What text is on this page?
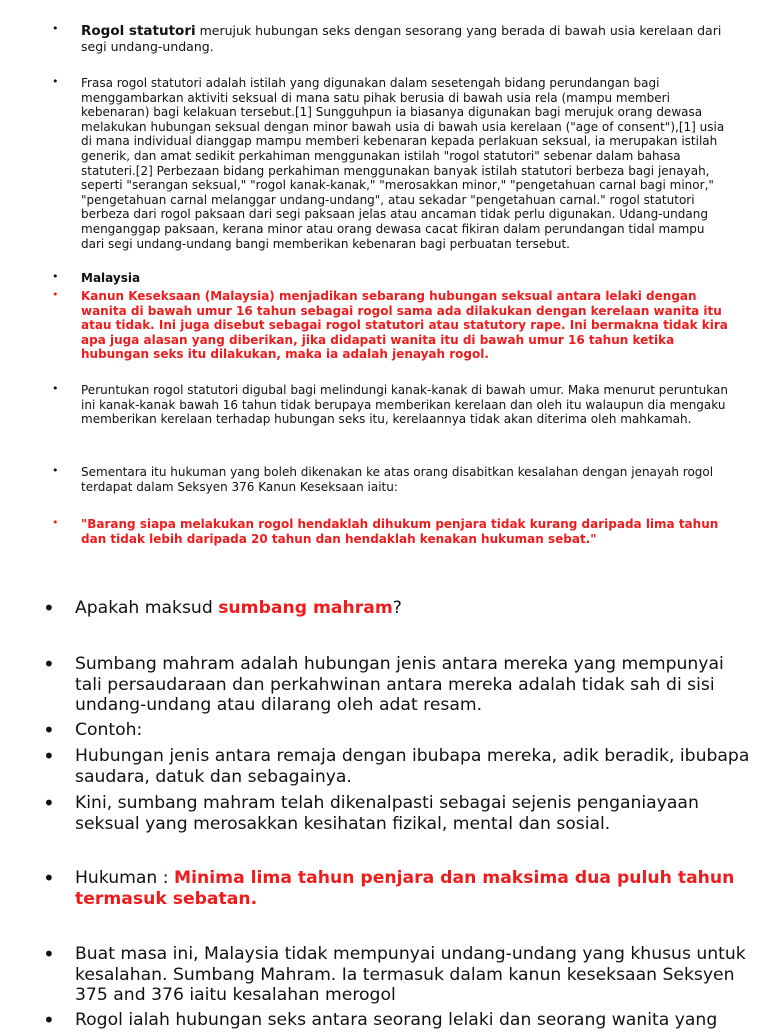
• Rogol statutori merujuk hubungan seks dengan sesorang yang berada di bawah usia kerelaan dari segi undang-undang.
• Frasa rogol statutori adalah istilah yang digunakan dalam sesetengah bidang perundangan bagi menggambarkan aktiviti seksual di mana satu pihak berusia di bawah usia rela (mampu memberi kebenaran) bagi kelakuan tersebut.[1] Sungguhpun ia biasanya digunakan bagi merujuk orang dewasa melakukan hubungan seksual dengan minor bawah usia di bawah usia kerelaan ("age of consent"),[1] usia di mana individual dianggap mampu memberi kebenaran kepada perlakuan seksual, ia merupakan istilah generik, dan amat sedikit perkahiman menggunakan istilah "rogol statutori" sebenar dalam bahasa statuteri.[2] Perbezaan bidang perkahiman menggunakan banyak istilah statutori berbeza bagi jenayah, seperti "serangan seksual," "rogol kanak-kanak," "merosakkan minor," "pengetahuan carnal bagi minor," "pengetahuan carnal melanggar undang-undang", atau sekadar "pengetahuan carnal." rogol statutori berbeza dari rogol paksaan dari segi paksaan jelas atau ancaman tidak perlu digunakan. Udang-undang menganggap paksaan, kerana minor atau orang dewasa cacat fikiran dalam perundangan tidal mampu dari segi undang-undang bangi memberikan kebenaran bagi perbuatan tersebut.
• Malaysia
• Kanun Keseksaan (Malaysia) menjadikan sebarang hubungan seksual antara lelaki dengan wanita di bawah umur 16 tahun sebagai rogol sama ada dilakukan dengan kerelaan wanita itu atau tidak. Ini juga disebut sebagai rogol statutori atau statutory rape. Ini bermakna tidak kira apa juga alasan yang diberikan, jika didapati wanita itu di bawah umur 16 tahun ketika hubungan seks itu dilakukan, maka ia adalah jenayah rogol.
• Peruntukan rogol statutori digubal bagi melindungi kanak-kanak di bawah umur. Maka menurut peruntukan ini kanak-kanak bawah 16 tahun tidak berupaya memberikan kerelaan dan oleh itu walaupun dia mengaku memberikan kerelaan terhadap hubungan seks itu, kerelaannya tidak akan diterima oleh mahkamah.
• Sementara itu hukuman yang boleh dikenakan ke atas orang disabitkan kesalahan dengan jenayah rogol terdapat dalam Seksyen 376 Kanun Keseksaan iaitu:
• "Barang siapa melakukan rogol hendaklah dihukum penjara tidak kurang daripada lima tahun dan tidak lebih daripada 20 tahun dan hendaklah kenakan hukuman sebat."
• Apakah maksud sumbang mahram?
• Sumbang mahram adalah hubungan jenis antara mereka yang mempunyai tali persaudaraan dan perkahwinan antara mereka adalah tidak sah di sisi undang-undang atau dilarang oleh adat resam.
• Contoh:
• Hubungan jenis antara remaja dengan ibubapa mereka, adik beradik, ibubapa saudara, datuk dan sebagainya.
• Kini, sumbang mahram telah dikenalpasti sebagai sejenis penganiayaan seksual yang merosakkan kesihatan fizikal, mental dan sosial.
• Hukuman : Minima lima tahun penjara dan maksima dua puluh tahun termasuk sebatan.
• Buat masa ini, Malaysia tidak mempunyai undang-undang yang khusus untuk kesalahan. Sumbang Mahram. Ia termasuk dalam kanun keseksaan Seksyen 375 and 376 iaitu kesalahan merogol
• Rogol ialah hubungan seks antara seorang lelaki dan seorang wanita yang
